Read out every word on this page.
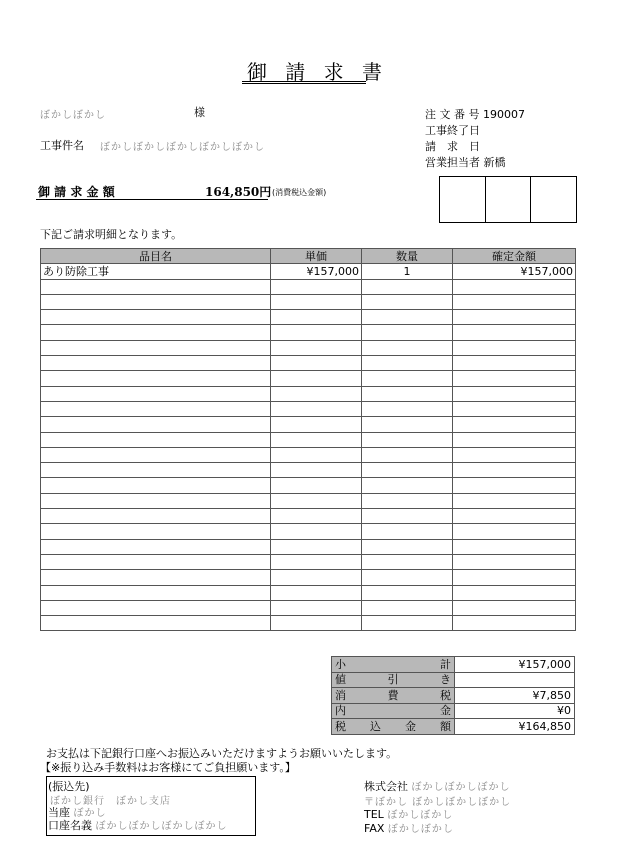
御 請 求 書
ぼかしぼかし	様
工事件名 ぼかしぼかしぼかしぼかしぼかし
注 文 番 号 190007
工事終了日
請　求　日
営業担当者 新橋
御 請 求 金 額	164,850円 (消費税込金額)
下記ご請求明細となります。
品目名	単価	数量	確定金額
あり防除工事	¥157,000	1	¥157,000

小 計	¥157,000

値 引 き	

消 費 税	¥7,850

内 金	¥0

税 込 金 額	¥164,850
お支払は下記銀行口座へお振込みいただけますようお願いいたします。
【※振り込み手数料はお客様にてご負担願います。】
(振込先)
ぼかし銀行　ぼかし支店
当座 ぼかし
口座名義 ぼかしぼかしぼかしぼかし
株式会社 ぼかしぼかしぼかし
〒ぼかし ぼかしぼかしぼかし
TEL ぼかしぼかし
FAX ぼかしぼかし
